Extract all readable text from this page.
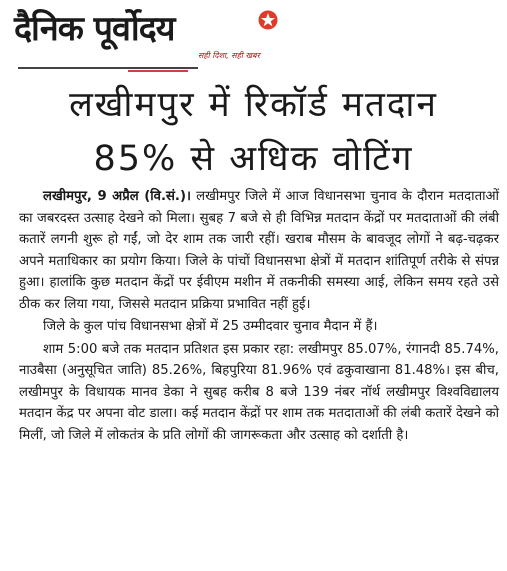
दैनिक पूर्वोदय
सही दिशा, सही खबर
लखीमपुर में रिकॉर्ड मतदान
85% से अधिक वोटिंग

लखीमपुर, 9 अप्रैल (वि.सं.)। लखीमपुर जिले में आज विधानसभा चुनाव के दौरान मतदाताओं का जबरदस्त उत्साह देखने को मिला। सुबह 7 बजे से ही विभिन्न मतदान केंद्रों पर मतदाताओं की लंबी कतारें लगनी शुरू हो गईं, जो देर शाम तक जारी रहीं। खराब मौसम के बावजूद लोगों ने बढ़-चढ़कर अपने मताधिकार का प्रयोग किया। जिले के पांचों विधानसभा क्षेत्रों में मतदान शांतिपूर्ण तरीके से संपन्न हुआ। हालांकि कुछ मतदान केंद्रों पर ईवीएम मशीन में तकनीकी समस्या आई, लेकिन समय रहते उसे ठीक कर लिया गया, जिससे मतदान प्रक्रिया प्रभावित नहीं हुई।

जिले के कुल पांच विधानसभा क्षेत्रों में 25 उम्मीदवार चुनाव मैदान में हैं।

शाम 5:00 बजे तक मतदान प्रतिशत इस प्रकार रहा: लखीमपुर 85.07%, रंगानदी 85.74%, नाउबैसा (अनुसूचित जाति) 85.26%, बिहपुरिया 81.96% एवं ढकुवाखाना 81.48%। इस बीच, लखीमपुर के विधायक मानव डेका ने सुबह करीब 8 बजे 139 नंबर नॉर्थ लखीमपुर विश्वविद्यालय मतदान केंद्र पर अपना वोट डाला। कई मतदान केंद्रों पर शाम तक मतदाताओं की लंबी कतारें देखने को मिलीं, जो जिले में लोकतंत्र के प्रति लोगों की जागरूकता और उत्साह को दर्शाती है।
